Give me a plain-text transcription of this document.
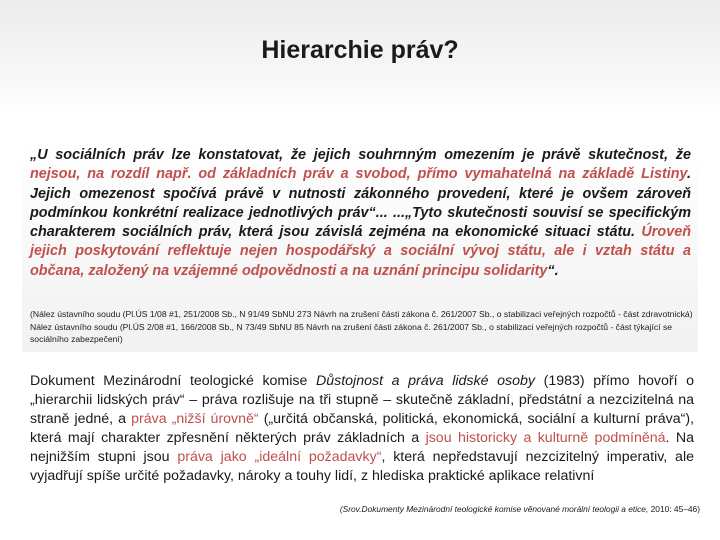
Hierarchie práv?

„U sociálních práv lze konstatovat, že jejich souhrnným omezením je právě skutečnost, že nejsou, na rozdíl např. od základních práv a svobod, přímo vymahatelná na základě Listiny. Jejich omezenost spočívá právě v nutnosti zákonného provedení, které je ovšem zároveň podmínkou konkrétní realizace jednotlivých práv“... ...„Tyto skutečnosti souvisí se specifickým charakterem sociálních práv, která jsou závislá zejména na ekonomické situaci státu. Úroveň jejich poskytování reflektuje nejen hospodářský a sociální vývoj státu, ale i vztah státu a občana, založený na vzájemné odpovědnosti a na uznání principu solidarity“.

(Nález ústavního soudu (Pl.ÚS 1/08 #1, 251/2008 Sb., N 91/49 SbNU 273 Návrh na zrušení části zákona č. 261/2007 Sb., o stabilizaci veřejných rozpočtů - část zdravotnická) Nález ústavního soudu (Pl.ÚS 2/08 #1, 166/2008 Sb., N 73/49 SbNU 85 Návrh na zrušení části zákona č. 261/2007 Sb., o stabilizaci veřejných rozpočtů - část týkající se sociálního zabezpečení)

Dokument Mezinárodní teologické komise Důstojnost a práva lidské osoby (1983) přímo hovoří o „hierarchii lidských práv“ – práva rozlišuje na tři stupně – skutečně základní, předstátní a nezcizitelná na straně jedné, a práva „nižší úrovně“ („určitá občanská, politická, ekonomická, sociální a kulturní práva“), která mají charakter zpřesnění některých práv základních a jsou historicky a kulturně podmíněná. Na nejnižším stupni jsou práva jako „ideální požadavky“, která nepředstavují nezcizitelný imperativ, ale vyjadřují spíše určité požadavky, nároky a touhy lidí, z hlediska praktické aplikace relativní

(Srov.Dokumenty Mezinárodní teologické komise věnované morální teologii a etice, 2010: 45–46)
